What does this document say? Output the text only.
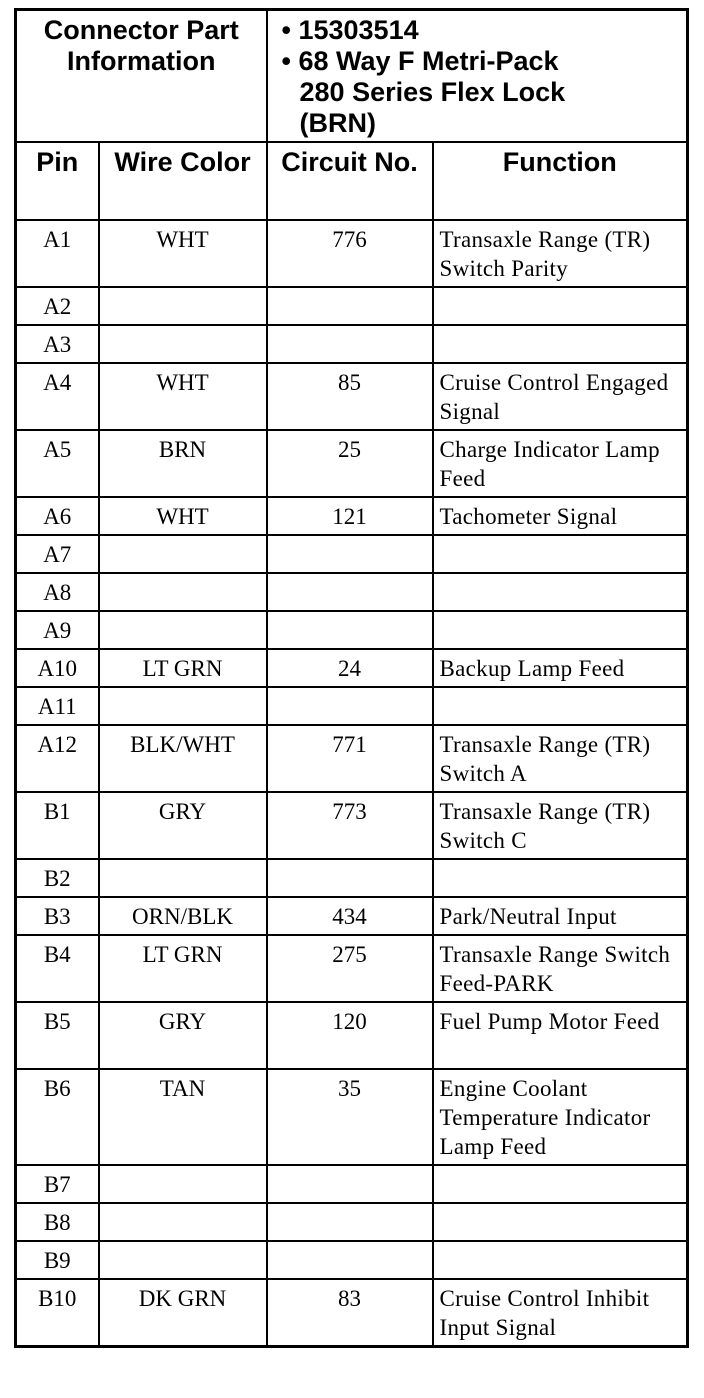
Connector Part Information		• 15303514
• 68 Way F Metri-Pack
280 Series Flex Lock
(BRN)	

Pin	Wire Color	Circuit No.	Function
A1	WHT	776	Transaxle Range (TR) Switch Parity
A2			
A3			
A4	WHT	85	Cruise Control Engaged Signal
A5	BRN	25	Charge Indicator Lamp Feed
A6	WHT	121	Tachometer Signal
A7			
A8			
A9			
A10	LT GRN	24	Backup Lamp Feed
A11			
A12	BLK/WHT	771	Transaxle Range (TR) Switch A
B1	GRY	773	Transaxle Range (TR) Switch C
B2			
B3	ORN/BLK	434	Park/Neutral Input
B4	LT GRN	275	Transaxle Range Switch Feed-PARK
B5	GRY	120	Fuel Pump Motor Feed
B6	TAN	35	Engine Coolant Temperature Indicator Lamp Feed
B7			
B8			
B9			
B10	DK GRN	83	Cruise Control Inhibit Input Signal
